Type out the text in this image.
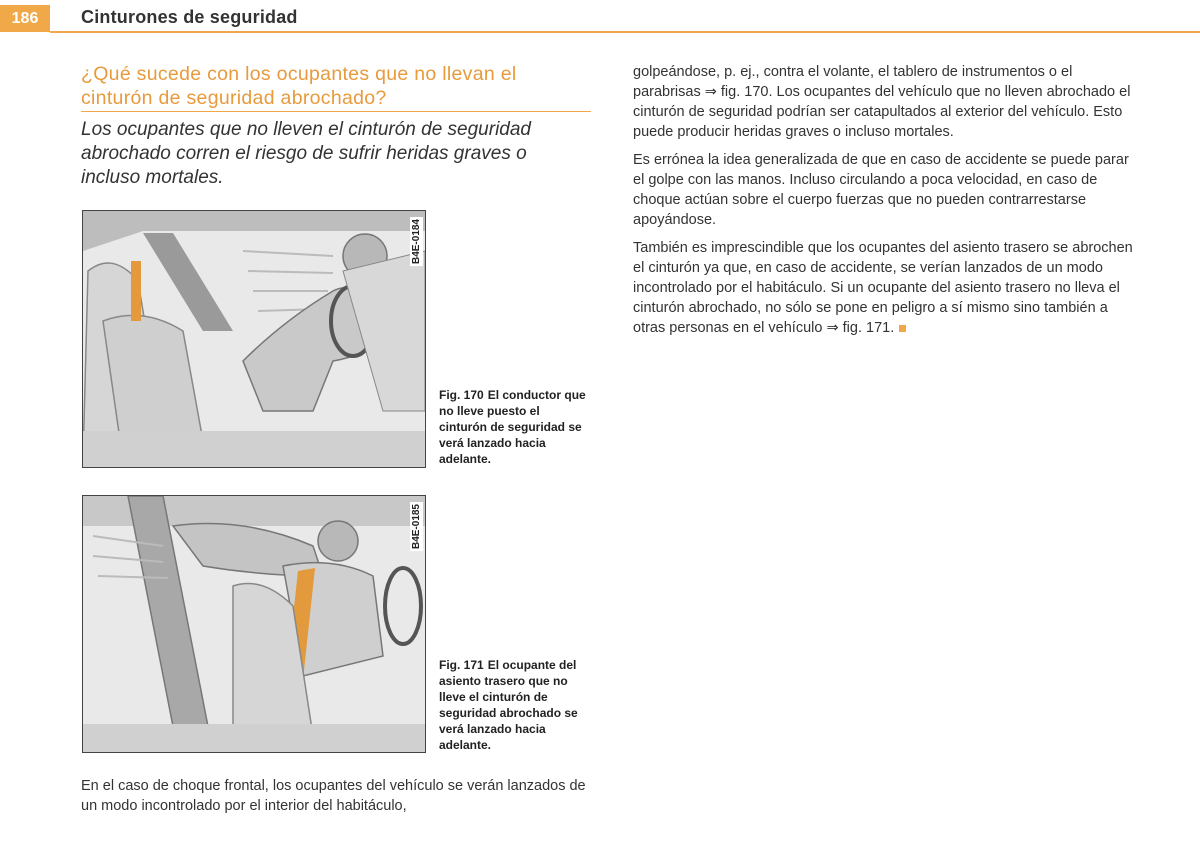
186	Cinturones de seguridad
¿Qué sucede con los ocupantes que no llevan el cinturón de seguridad abrochado?
Los ocupantes que no lleven el cinturón de seguridad abrochado corren el riesgo de sufrir heridas graves o incluso mortales.
B4E-0184
Fig. 170 El conductor que no lleve puesto el cinturón de seguridad se verá lanzado hacia adelante.
B4E-0185
Fig. 171 El ocupante del asiento trasero que no lleve el cinturón de seguridad abrochado se verá lanzado hacia adelante.
En el caso de choque frontal, los ocupantes del vehículo se verán lanzados de un modo incontrolado por el interior del habitáculo,

golpeándose, p. ej., contra el volante, el tablero de instrumentos o el parabrisas ⇒ fig. 170. Los ocupantes del vehículo que no lleven abrochado el cinturón de seguridad podrían ser catapultados al exterior del vehículo. Esto puede producir heridas graves o incluso mortales.

Es errónea la idea generalizada de que en caso de accidente se puede parar el golpe con las manos. Incluso circulando a poca velocidad, en caso de choque actúan sobre el cuerpo fuerzas que no pueden contrarrestarse apoyándose.

También es imprescindible que los ocupantes del asiento trasero se abrochen el cinturón ya que, en caso de accidente, se verían lanzados de un modo incontrolado por el habitáculo. Si un ocupante del asiento trasero no lleva el cinturón abrochado, no sólo se pone en peligro a sí mismo sino también a otras personas en el vehículo ⇒ fig. 171.
